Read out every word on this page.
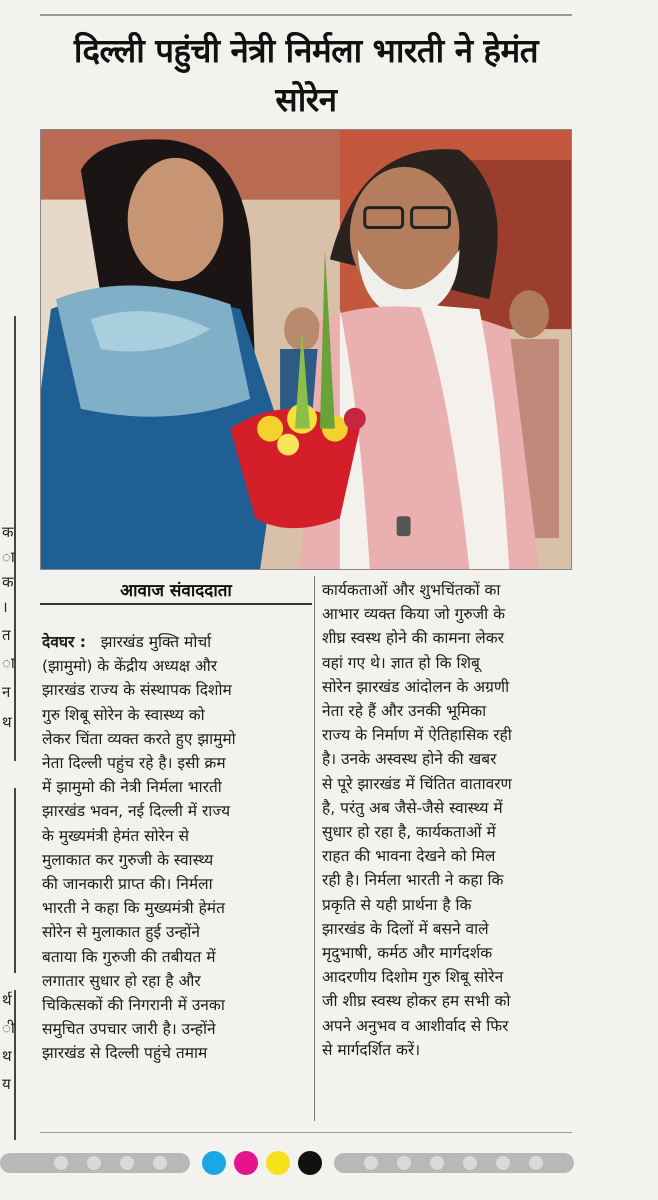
क
ा
क
।
त
ा
न
थ
र्थ
ी
थ
य
दिल्ली पहुंची नेत्री निर्मला भारती ने हेमंत सोरेन
आवाज संवाददाता
देवघर : झारखंड मुक्ति मोर्चा
(झामुमो) के केंद्रीय अध्यक्ष और
झारखंड राज्य के संस्थापक दिशोम
गुरु शिबू सोरेन के स्वास्थ्य को
लेकर चिंता व्यक्त करते हुए झामुमो
नेता दिल्ली पहुंच रहे है। इसी क्रम
में झामुमो की नेत्री निर्मला भारती
झारखंड भवन, नई दिल्ली में राज्य
के मुख्यमंत्री हेमंत सोरेन से
मुलाकात कर गुरुजी के स्वास्थ्य
की जानकारी प्राप्त की। निर्मला
भारती ने कहा कि मुख्यमंत्री हेमंत
सोरेन से मुलाकात हुई उन्होंने
बताया कि गुरुजी की तबीयत में
लगातार सुधार हो रहा है और
चिकित्सकों की निगरानी में उनका
समुचित उपचार जारी है। उन्होंने
झारखंड से दिल्ली पहुंचे तमाम
कार्यकताओं और शुभचिंतकों का
आभार व्यक्त किया जो गुरुजी के
शीघ्र स्वस्थ होने की कामना लेकर
वहां गए थे। ज्ञात हो कि शिबू
सोरेन झारखंड आंदोलन के अग्रणी
नेता रहे हैं और उनकी भूमिका
राज्य के निर्माण में ऐतिहासिक रही
है। उनके अस्वस्थ होने की खबर
से पूरे झारखंड में चिंतित वातावरण
है, परंतु अब जैसे-जैसे स्वास्थ्य में
सुधार हो रहा है, कार्यकताओं में
राहत की भावना देखने को मिल
रही है। निर्मला भारती ने कहा कि
प्रकृति से यही प्रार्थना है कि
झारखंड के दिलों में बसने वाले
मृदुभाषी, कर्मठ और मार्गदर्शक
आदरणीय दिशोम गुरु शिबू सोरेन
जी शीघ्र स्वस्थ होकर हम सभी को
अपने अनुभव व आशीर्वाद से फिर
से मार्गदर्शित करें।
